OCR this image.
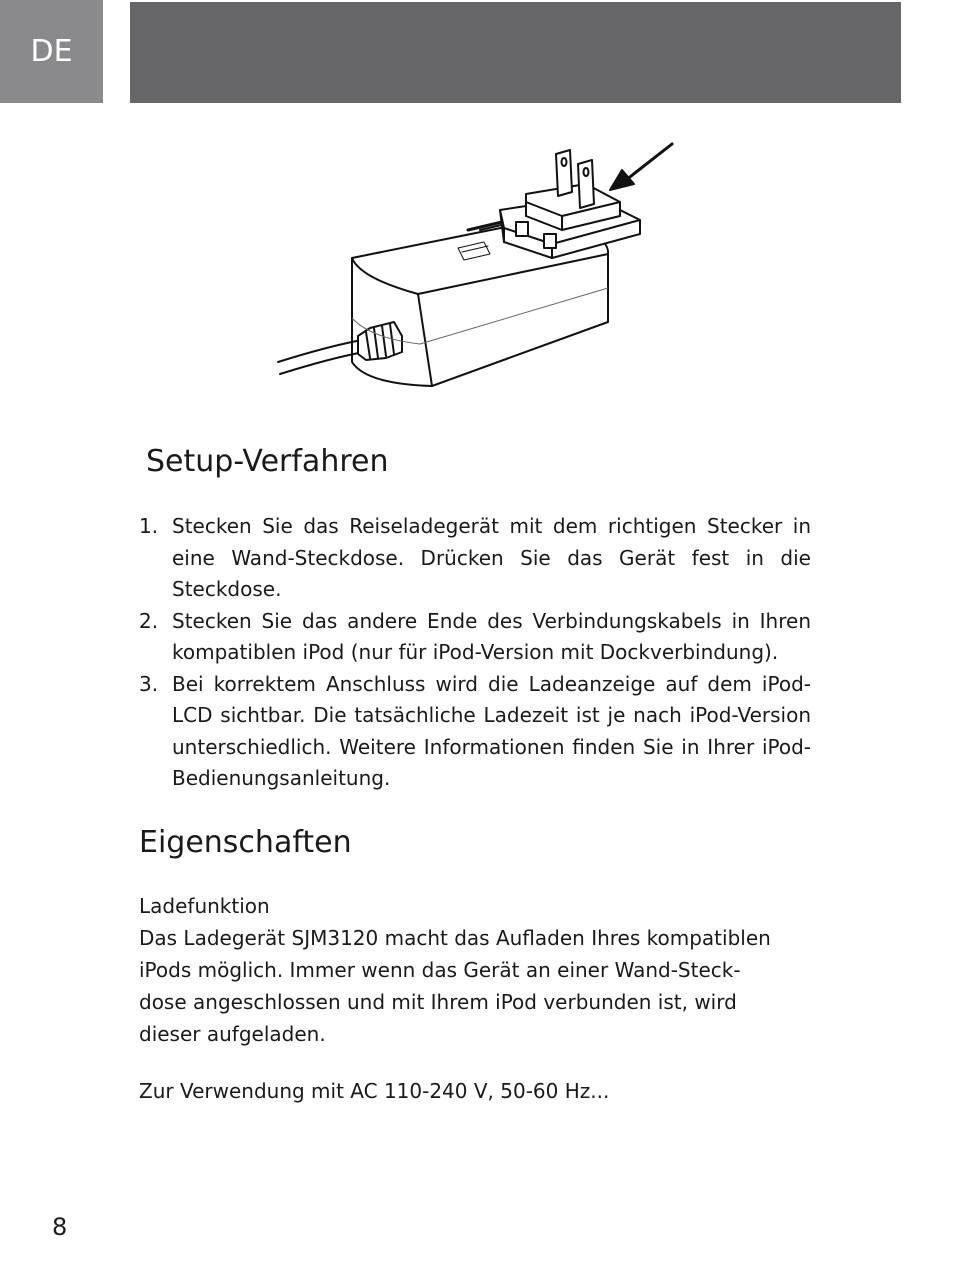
DE
Setup-Verfahren
1. Stecken Sie das Reiseladegerät mit dem richtigen Stecker in eine Wand-Steckdose. Drücken Sie das Gerät fest in die Steckdose.
2. Stecken Sie das andere Ende des Verbindungskabels in Ihren kompatiblen iPod (nur für iPod-Version mit Dockverbindung).
3. Bei korrektem Anschluss wird die Ladeanzeige auf dem iPod-LCD sichtbar. Die tatsächliche Ladezeit ist je nach iPod-Version unterschiedlich. Weitere Informationen finden Sie in Ihrer iPod-Bedienungsanleitung.
Eigenschaften

Ladefunktion

Das Ladegerät SJM3120 macht das Aufladen Ihres kompatiblen
iPods möglich. Immer wenn das Gerät an einer Wand-Steck-
dose angeschlossen und mit Ihrem iPod verbunden ist, wird
dieser aufgeladen.

Zur Verwendung mit AC 110-240 V, 50-60 Hz...

8
